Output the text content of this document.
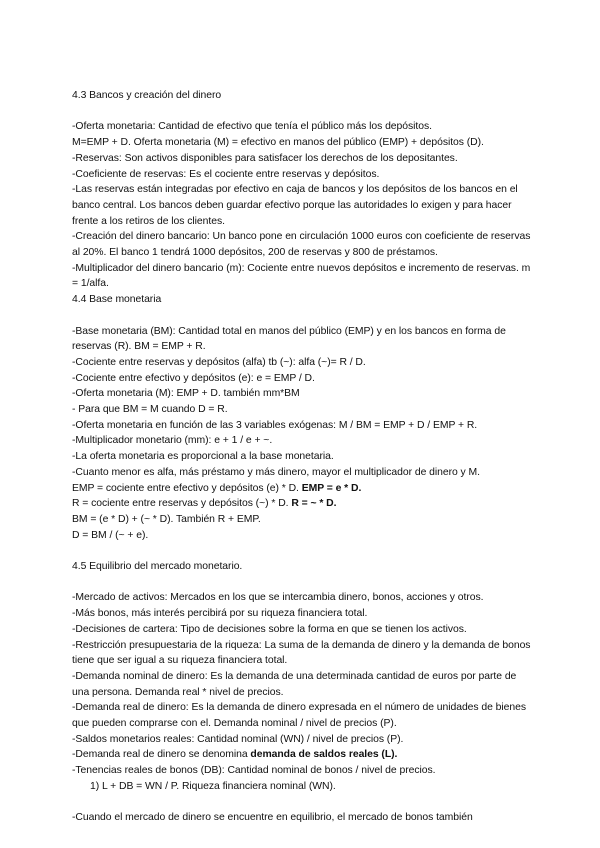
4.3 Bancos y creación del dinero

-Oferta monetaria: Cantidad de efectivo que tenía el público más los depósitos.

M=EMP + D. Oferta monetaria (M) = efectivo en manos del público (EMP) + depósitos (D).

-Reservas: Son activos disponibles para satisfacer los derechos de los depositantes.

-Coeficiente de reservas: Es el cociente entre reservas y depósitos.

-Las reservas están integradas por efectivo en caja de bancos y los depósitos de los bancos en el banco central. Los bancos deben guardar efectivo porque las autoridades lo exigen y para hacer frente a los retiros de los clientes.

-Creación del dinero bancario: Un banco pone en circulación 1000 euros con coeficiente de reservas al 20%. El banco 1 tendrá 1000 depósitos, 200 de reservas y 800 de préstamos.

-Multiplicador del dinero bancario (m): Cociente entre nuevos depósitos e incremento de reservas. m = 1/alfa.

4.4 Base monetaria

-Base monetaria (BM): Cantidad total en manos del público (EMP) y en los bancos en forma de reservas (R). BM = EMP + R.

-Cociente entre reservas y depósitos (alfa) tb (~): alfa (~)= R / D.

-Cociente entre efectivo y depósitos (e): e = EMP / D.

-Oferta monetaria (M): EMP + D. también mm*BM

- Para que BM = M cuando D = R.

-Oferta monetaria en función de las 3 variables exógenas: M / BM = EMP + D / EMP + R.

-Multiplicador monetario (mm): e + 1 / e + ~.

-La oferta monetaria es proporcional a la base monetaria.

-Cuanto menor es alfa, más préstamo y más dinero, mayor el multiplicador de dinero y M.

EMP = cociente entre efectivo y depósitos (e) * D. EMP = e * D.

R = cociente entre reservas y depósitos (~) * D. R = ~ * D.

BM = (e * D) + (~ * D). También R + EMP.

D = BM / (~ + e).

4.5 Equilibrio del mercado monetario.

-Mercado de activos: Mercados en los que se intercambia dinero, bonos, acciones y otros.

-Más bonos, más interés percibirá por su riqueza financiera total.

-Decisiones de cartera: Tipo de decisiones sobre la forma en que se tienen los activos.

-Restricción presupuestaria de la riqueza: La suma de la demanda de dinero y la demanda de bonos tiene que ser igual a su riqueza financiera total.

-Demanda nominal de dinero: Es la demanda de una determinada cantidad de euros por parte de una persona. Demanda real * nivel de precios.

-Demanda real de dinero: Es la demanda de dinero expresada en el número de unidades de bienes que pueden comprarse con el. Demanda nominal / nivel de precios (P).

-Saldos monetarios reales: Cantidad nominal (WN) / nivel de precios (P).

-Demanda real de dinero se denomina demanda de saldos reales (L).

-Tenencias reales de bonos (DB): Cantidad nominal de bonos / nivel de precios.

1) L + DB = WN / P. Riqueza financiera nominal (WN).

-Cuando el mercado de dinero se encuentre en equilibrio, el mercado de bonos también
